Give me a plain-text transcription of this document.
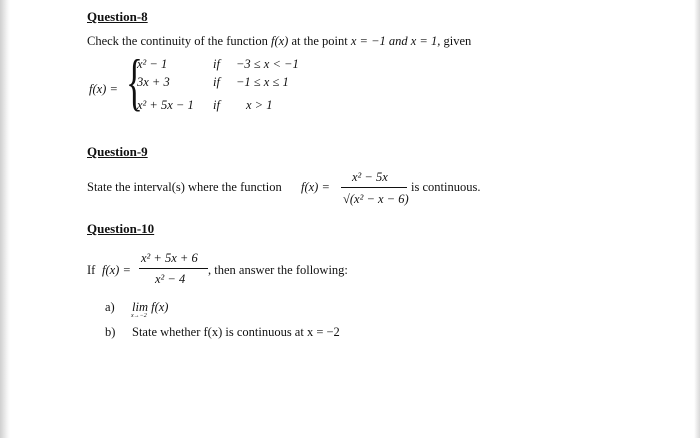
Question-8
Check the continuity of the function f(x) at the point x = −1 and x = 1, given
f(x) = {
x² − 1	if −3 ≤ x < −1
3x + 3	if −1 ≤ x ≤ 1
x² + 5x − 1 if x > 1
Question-9
State the interval(s) where the function f(x) =
x² − 5x
√(x² − x − 6)
is continuous.
Question-10
If f(x) =
x² + 5x + 6
x² − 4
, then answer the following:
a) lim f(x)
x→−2
b) State whether f(x) is continuous at x = −2
